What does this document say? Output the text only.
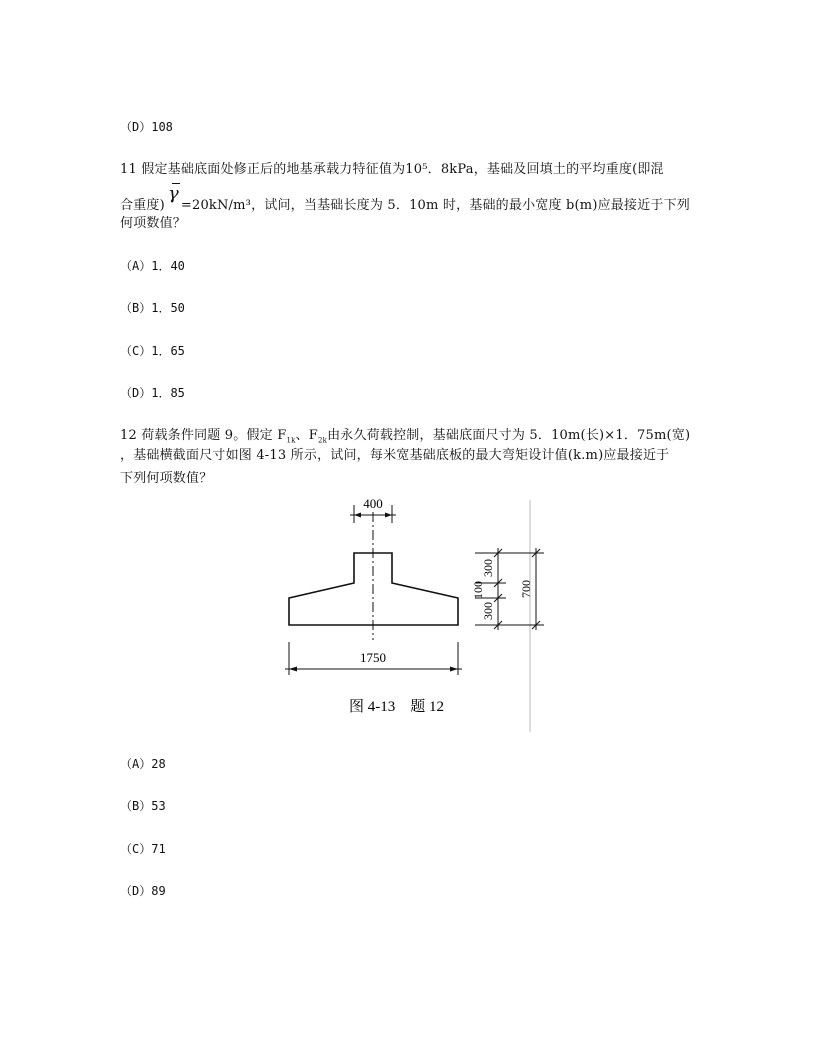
（D）108
11 假定基础底面处修正后的地基承载力特征值为10⁵．8kPa，基础及回填土的平均重度(即混
合重度) =20kN/m³，试问，当基础长度为 5．10m 时，基础的最小宽度 b(m)应最接近于下列
γ
何项数值？
（A）1．40
（B）1．50
（C）1．65
（D）1．85
12 荷载条件同题 9。假定 $F_{1k}$、$F_{2k}$由永久荷载控制，基础底面尺寸为 5．10m(长)×1．75m(宽)
，基础横截面尺寸如图 4-13 所示，试问，每米宽基础底板的最大弯矩设计值(k.m)应最接近于
下列何项数值？
400
1750
300
100
300
700
图 4-13　题 12
（A）28
（B）53
（C）71
（D）89
